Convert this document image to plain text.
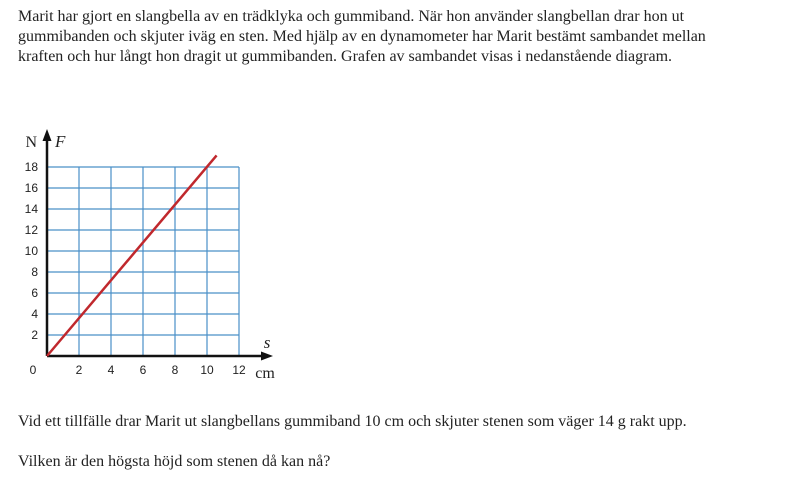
Marit har gjort en slangbella av en trädklyka och gummiband. När hon använder slangbellan drar hon ut gummibanden och skjuter iväg en sten. Med hjälp av en dynamometer har Marit bestämt sambandet mellan kraften och hur långt hon dragit ut gummibanden. Grafen av sambandet visas i nedanstående diagram.
2
4
6
8
10
12
14
16
18
2 4 6 8 10 12
0
N F
s
cm
Vid ett tillfälle drar Marit ut slangbellans gummiband 10 cm och skjuter stenen som väger 14 g rakt upp.
Vilken är den högsta höjd som stenen då kan nå?
